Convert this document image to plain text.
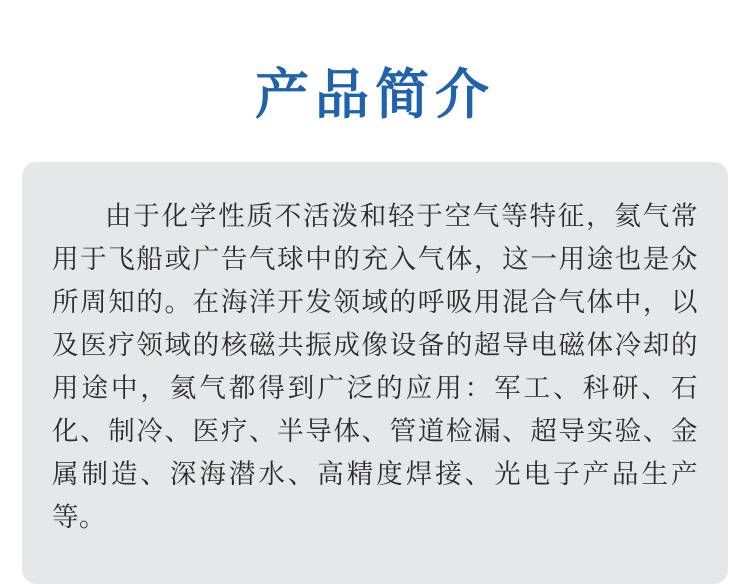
产品简介

由于化学性质不活泼和轻于空气等特征，氦气常用于飞船或广告气球中的充入气体，这一用途也是众所周知的。在海洋开发领域的呼吸用混合气体中，以及医疗领域的核磁共振成像设备的超导电磁体冷却的用途中，氦气都得到广泛的应用：军工、科研、石化、制冷、医疗、半导体、管道检漏、超导实验、金属制造、深海潜水、高精度焊接、光电子产品生产等。
